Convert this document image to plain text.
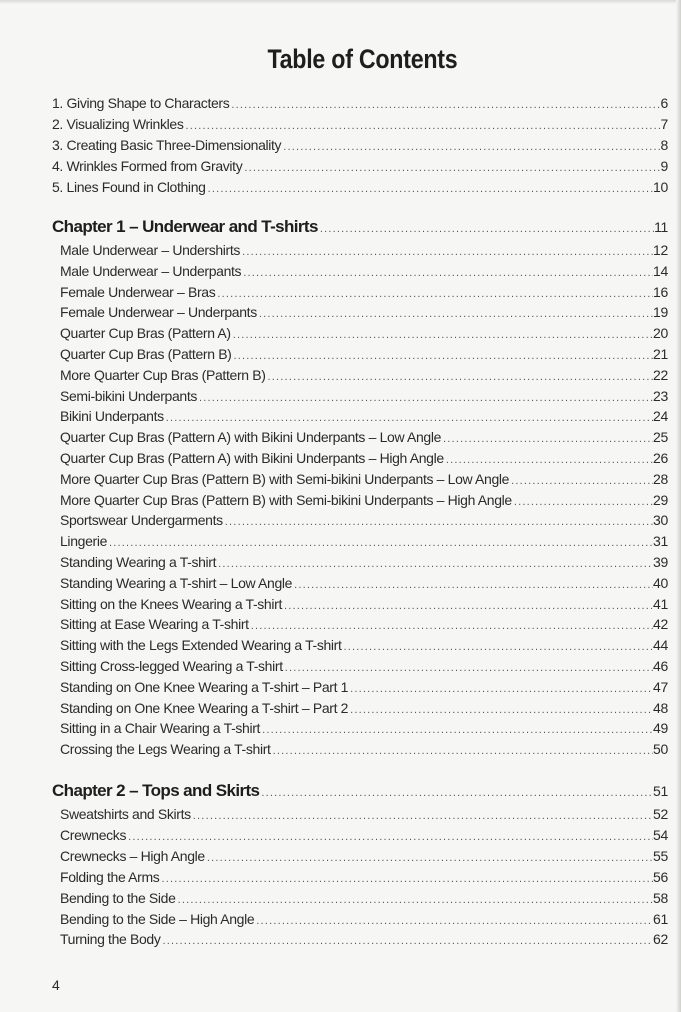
Table of Contents
1. Giving Shape to Characters .....	6
2. Visualizing Wrinkles .....	7
3. Creating Basic Three-Dimensionality .....	8
4. Wrinkles Formed from Gravity .....	9
5. Lines Found in Clothing .....	10
Chapter 1 – Underwear and T-shirts .....	11
Male Underwear – Undershirts .....	12
Male Underwear – Underpants .....	14
Female Underwear – Bras .....	16
Female Underwear – Underpants .....	19
Quarter Cup Bras (Pattern A) .....	20
Quarter Cup Bras (Pattern B) .....	21
More Quarter Cup Bras (Pattern B) .....	22
Semi-bikini Underpants .....	23
Bikini Underpants .....	24
Quarter Cup Bras (Pattern A) with Bikini Underpants – Low Angle .....	25
Quarter Cup Bras (Pattern A) with Bikini Underpants – High Angle .....	26
More Quarter Cup Bras (Pattern B) with Semi-bikini Underpants – Low Angle .....	28
More Quarter Cup Bras (Pattern B) with Semi-bikini Underpants – High Angle .....	29
Sportswear Undergarments .....	30
Lingerie .....	31
Standing Wearing a T-shirt .....	39
Standing Wearing a T-shirt – Low Angle .....	40
Sitting on the Knees Wearing a T-shirt .....	41
Sitting at Ease Wearing a T-shirt .....	42
Sitting with the Legs Extended Wearing a T-shirt .....	44
Sitting Cross-legged Wearing a T-shirt .....	46
Standing on One Knee Wearing a T-shirt – Part 1 .....	47
Standing on One Knee Wearing a T-shirt – Part 2 .....	48
Sitting in a Chair Wearing a T-shirt .....	49
Crossing the Legs Wearing a T-shirt .....	50
Chapter 2 – Tops and Skirts .....	51
Sweatshirts and Skirts .....	52
Crewnecks .....	54
Crewnecks – High Angle .....	55
Folding the Arms .....	56
Bending to the Side .....	58
Bending to the Side – High Angle .....	61
Turning the Body .....	62
4
